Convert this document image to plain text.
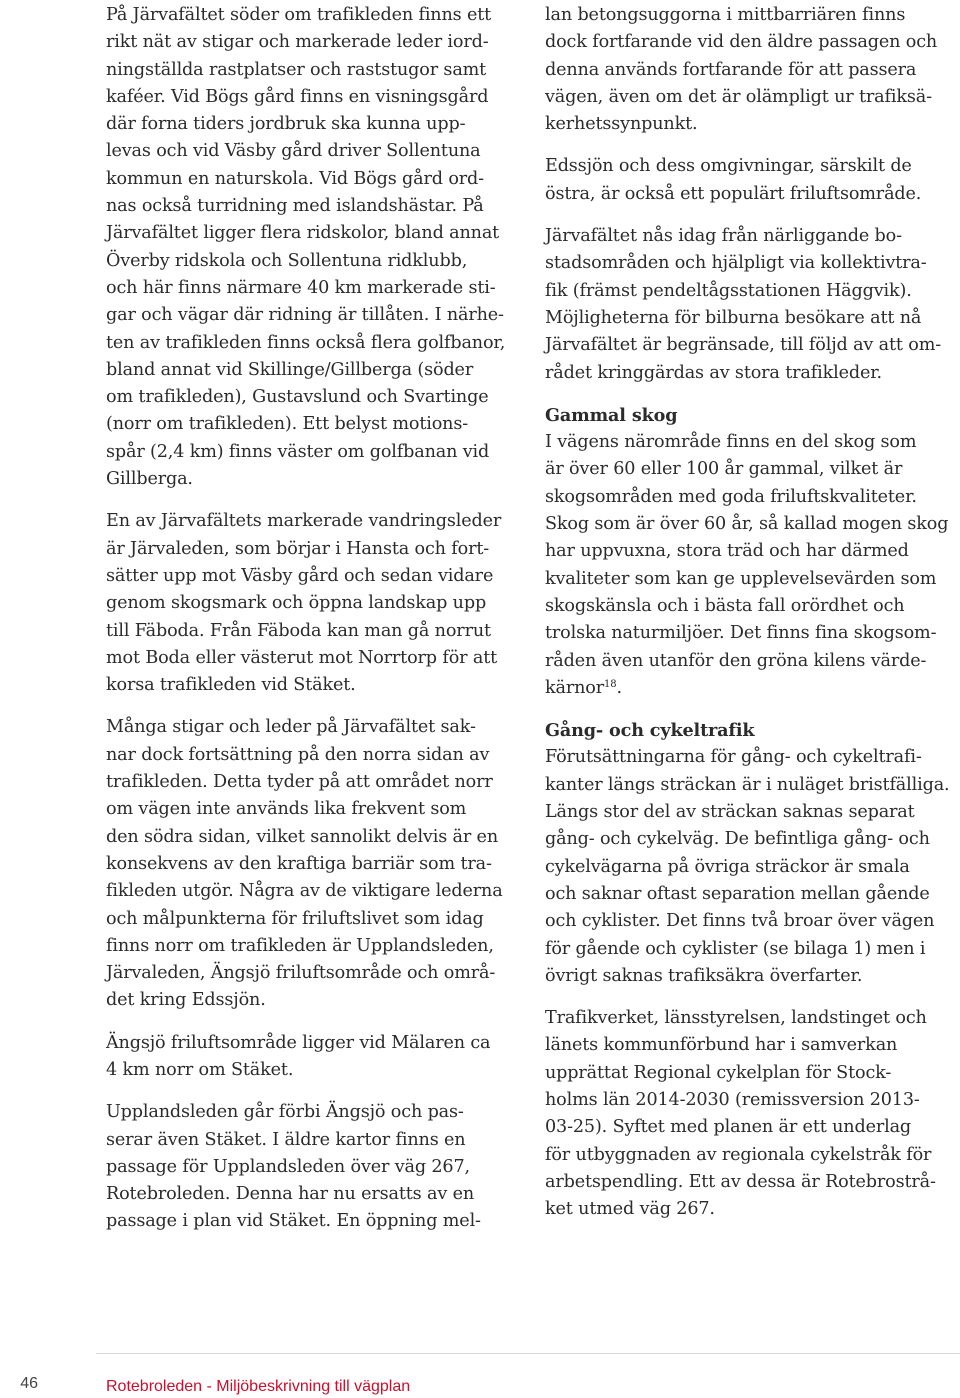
På Järvafältet söder om trafikleden finns ett
rikt nät av stigar och markerade leder iord-
ningställda rastplatser och raststugor samt
kaféer. Vid Bögs gård finns en visningsgård
där forna tiders jordbruk ska kunna upp-
levas och vid Väsby gård driver Sollentuna
kommun en naturskola. Vid Bögs gård ord-
nas också turridning med islandshästar. På
Järvafältet ligger flera ridskolor, bland annat
Överby ridskola och Sollentuna ridklubb,
och här finns närmare 40 km markerade sti-
gar och vägar där ridning är tillåten. I närhe-
ten av trafikleden finns också flera golfbanor,
bland annat vid Skillinge/Gillberga (söder
om trafikleden), Gustavslund och Svartinge
(norr om trafikleden). Ett belyst motions-
spår (2,4 km) finns väster om golfbanan vid
Gillberga.

En av Järvafältets markerade vandringsleder
är Järvaleden, som börjar i Hansta och fort-
sätter upp mot Väsby gård och sedan vidare
genom skogsmark och öppna landskap upp
till Fäboda. Från Fäboda kan man gå norrut
mot Boda eller västerut mot Norrtorp för att
korsa trafikleden vid Stäket.

Många stigar och leder på Järvafältet sak-
nar dock fortsättning på den norra sidan av
trafikleden. Detta tyder på att området norr
om vägen inte används lika frekvent som
den södra sidan, vilket sannolikt delvis är en
konsekvens av den kraftiga barriär som tra-
fikleden utgör. Några av de viktigare lederna
och målpunkterna för friluftslivet som idag
finns norr om trafikleden är Upplandsleden,
Järvaleden, Ängsjö friluftsområde och områ-
det kring Edssjön.

Ängsjö friluftsområde ligger vid Mälaren ca
4 km norr om Stäket.

Upplandsleden går förbi Ängsjö och pas-
serar även Stäket. I äldre kartor finns en
passage för Upplandsleden över väg 267,
Rotebroleden. Denna har nu ersatts av en
passage i plan vid Stäket. En öppning mel-

lan betongsuggorna i mittbarriären finns
dock fortfarande vid den äldre passagen och
denna används fortfarande för att passera
vägen, även om det är olämpligt ur trafiksä-
kerhetssynpunkt.

Edssjön och dess omgivningar, särskilt de
östra, är också ett populärt friluftsområde.

Järvafältet nås idag från närliggande bo-
stadsområden och hjälpligt via kollektivtra-
fik (främst pendeltågsstationen Häggvik).
Möjligheterna för bilburna besökare att nå
Järvafältet är begränsade, till följd av att om-
rådet kringgärdas av stora trafikleder.

Gammal skog

I vägens närområde finns en del skog som
är över 60 eller 100 år gammal, vilket är
skogsområden med goda friluftskvaliteter.
Skog som är över 60 år, så kallad mogen skog
har uppvuxna, stora träd och har därmed
kvaliteter som kan ge upplevelsevärden som
skogskänsla och i bästa fall orördhet och
trolska naturmiljöer. Det finns fina skogsom-
råden även utanför den gröna kilens värde-
kärnor$^{18}$.

Gång- och cykeltrafik

Förutsättningarna för gång- och cykeltrafi-
kanter längs sträckan är i nuläget bristfälliga.
Längs stor del av sträckan saknas separat
gång- och cykelväg. De befintliga gång- och
cykelvägarna på övriga sträckor är smala
och saknar oftast separation mellan gående
och cyklister. Det finns två broar över vägen
för gående och cyklister (se bilaga 1) men i
övrigt saknas trafiksäkra överfarter.

Trafikverket, länsstyrelsen, landstinget och
länets kommunförbund har i samverkan
upprättat Regional cykelplan för Stock-
holms län 2014-2030 (remissversion 2013-
03-25). Syftet med planen är ett underlag
för utbyggnaden av regionala cykelstråk för
arbetspendling. Ett av dessa är Rotebrostrå-
ket utmed väg 267.

46	Rotebroleden - Miljöbeskrivning till vägplan
